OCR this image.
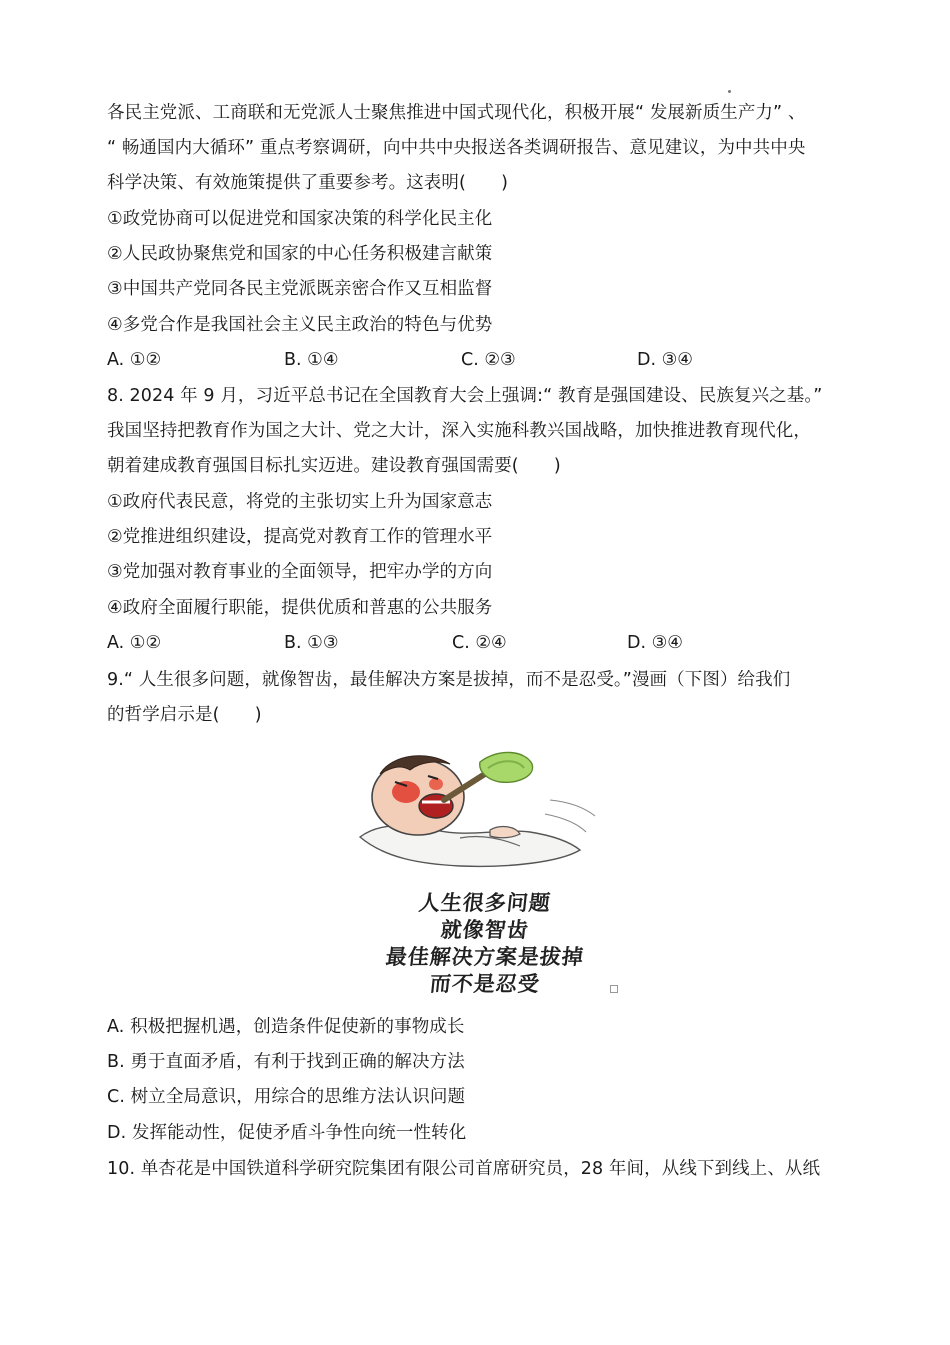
各民主党派、工商联和无党派人士聚焦推进中国式现代化，积极开展“ 发展新质生产力” 、
“ 畅通国内大循环” 重点考察调研，向中共中央报送各类调研报告、意见建议，为中共中央
科学决策、有效施策提供了重要参考。这表明(　　)
①政党协商可以促进党和国家决策的科学化民主化
②人民政协聚焦党和国家的中心任务积极建言献策
③中国共产党同各民主党派既亲密合作又互相监督
④多党合作是我国社会主义民主政治的特色与优势
A. ①②	B. ①④	C. ②③	D. ③④
8. 2024 年 9 月，习近平总书记在全国教育大会上强调:“ 教育是强国建设、民族复兴之基。”
我国坚持把教育作为国之大计、党之大计，深入实施科教兴国战略，加快推进教育现代化，
朝着建成教育强国目标扎实迈进。建设教育强国需要(　　)
①政府代表民意，将党的主张切实上升为国家意志
②党推进组织建设，提高党对教育工作的管理水平
③党加强对教育事业的全面领导，把牢办学的方向
④政府全面履行职能，提供优质和普惠的公共服务
A. ①②	B. ①③	C. ②④	D. ③④
9.“ 人生很多问题，就像智齿，最佳解决方案是拔掉，而不是忍受。”漫画（下图）给我们
的哲学启示是(　　)
人生很多问题
就像智齿
最佳解决方案是拔掉
而不是忍受
A. 积极把握机遇，创造条件促使新的事物成长
B. 勇于直面矛盾，有利于找到正确的解决方法
C. 树立全局意识，用综合的思维方法认识问题
D. 发挥能动性，促使矛盾斗争性向统一性转化
10. 单杏花是中国铁道科学研究院集团有限公司首席研究员，28 年间，从线下到线上、从纸
